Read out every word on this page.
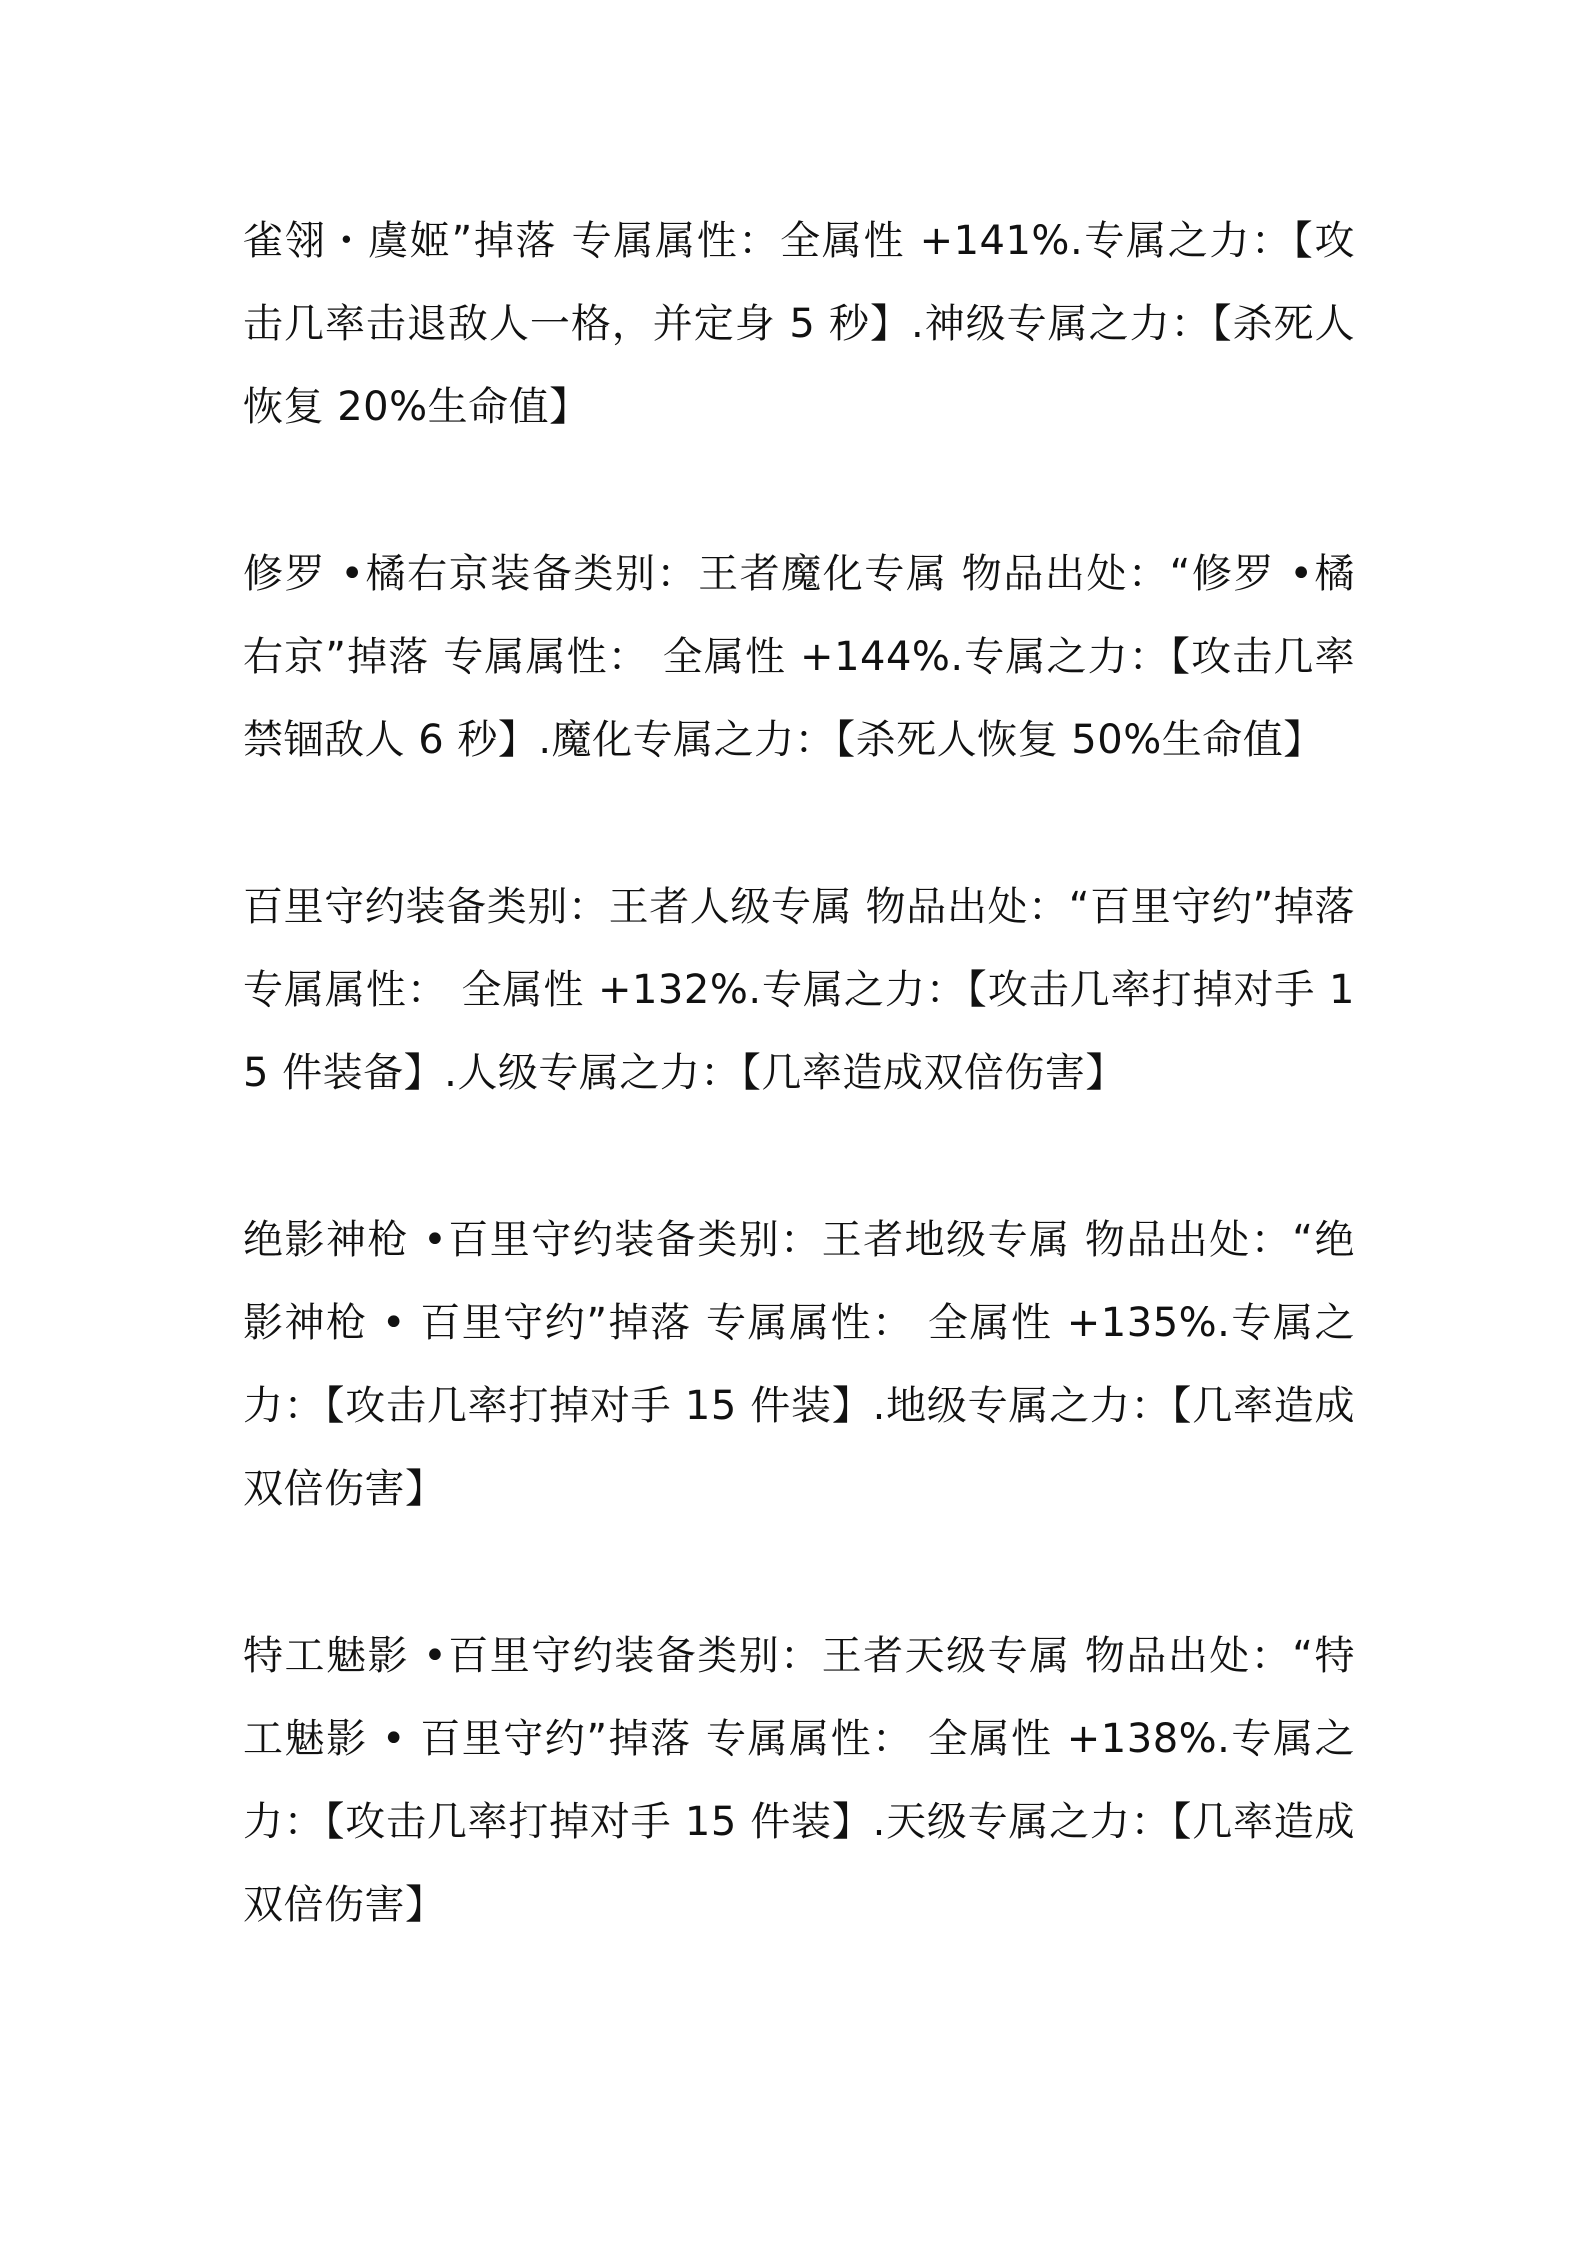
雀翎・虞姬”掉落 专属属性：全属性 +141%.专属之力：【攻击几率击退敌人一格，并定身 5 秒】.神级专属之力：【杀死人恢复 20%生命值】

修罗 •橘右京装备类别：王者魔化专属 物品出处：“修罗 •橘右京”掉落 专属属性： 全属性 +144%.专属之力：【攻击几率禁锢敌人 6 秒】.魔化专属之力：【杀死人恢复 50%生命值】

百里守约装备类别：王者人级专属 物品出处：“百里守约”掉落 专属属性： 全属性 +132%.专属之力：【攻击几率打掉对手 15 件装备】.人级专属之力：【几率造成双倍伤害】

绝影神枪 •百里守约装备类别：王者地级专属 物品出处：“绝影神枪 • 百里守约”掉落 专属属性： 全属性 +135%.专属之力：【攻击几率打掉对手 15 件装】.地级专属之力：【几率造成双倍伤害】

特工魅影 •百里守约装备类别：王者天级专属 物品出处：“特工魅影 • 百里守约”掉落 专属属性： 全属性 +138%.专属之力：【攻击几率打掉对手 15 件装】.天级专属之力：【几率造成双倍伤害】
